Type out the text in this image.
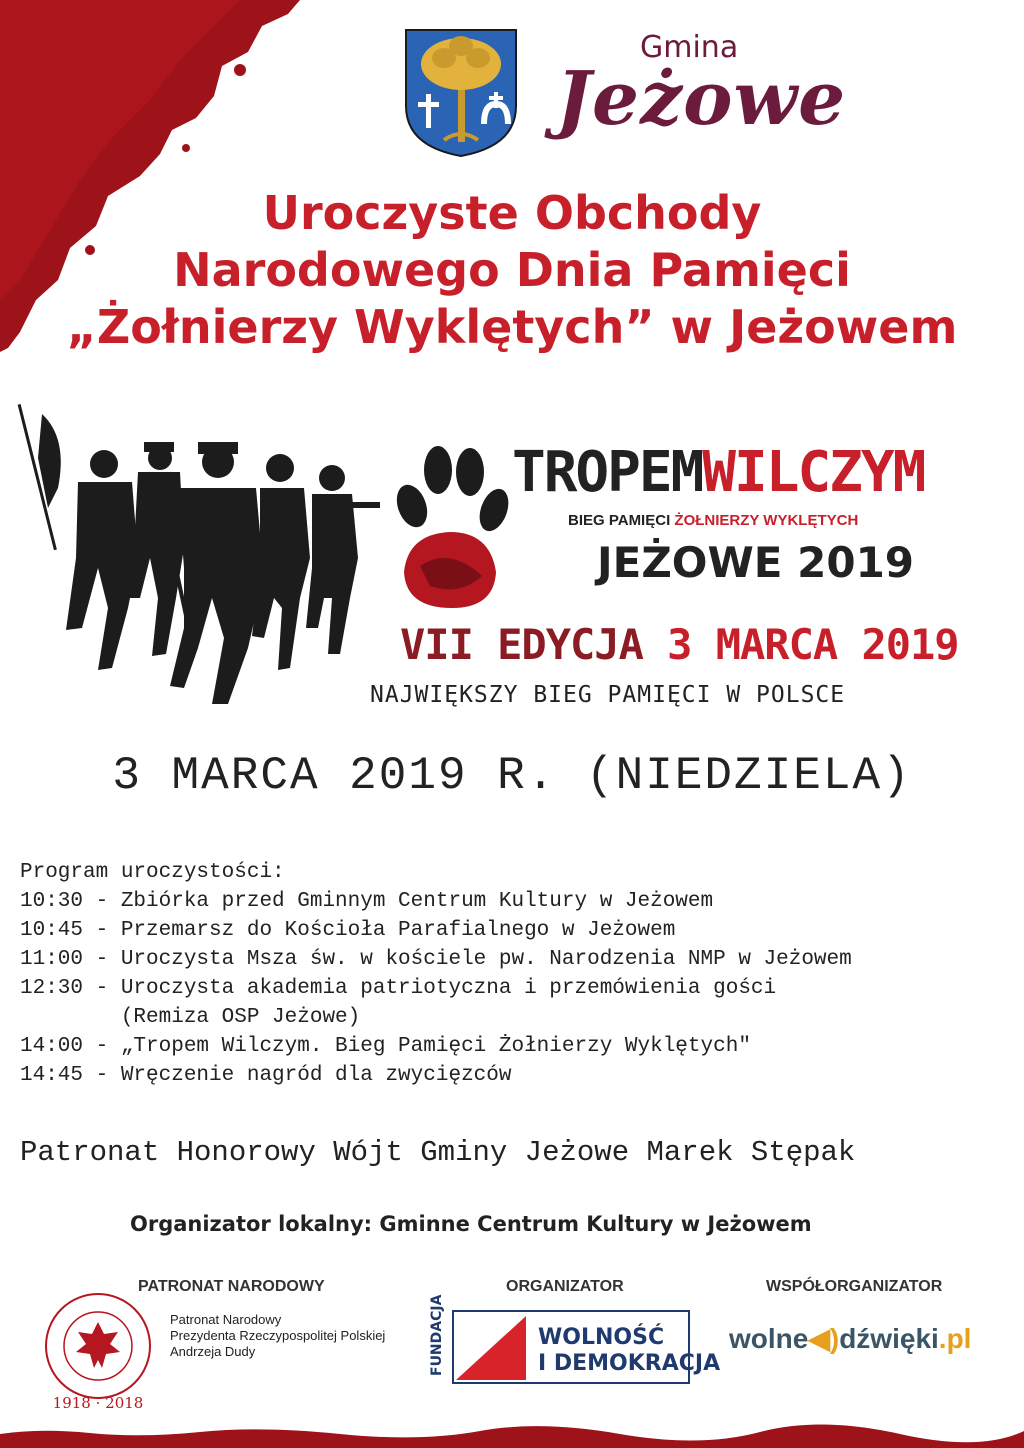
Gmina
Jeżowe
Uroczyste Obchody
Narodowego Dnia Pamięci
„Żołnierzy Wyklętych” w Jeżowem
TROPEMWILCZYM
BIEG PAMIĘCI ŻOŁNIERZY WYKLĘTYCH
JEŻOWE 2019
VII EDYCJA 3 MARCA 2019
NAJWIĘKSZY BIEG PAMIĘCI W POLSCE
3 MARCA 2019 R. (NIEDZIELA)
Program uroczystości:
10:30 - Zbiórka przed Gminnym Centrum Kultury w Jeżowem
10:45 - Przemarsz do Kościoła Parafialnego w Jeżowem
11:00 - Uroczysta Msza św. w kościele pw. Narodzenia NMP w Jeżowem
12:30 - Uroczysta akademia patriotyczna i przemówienia gości
(Remiza OSP Jeżowe)
14:00 - „Tropem Wilczym. Bieg Pamięci Żołnierzy Wyklętych"
14:45 - Wręczenie nagród dla zwycięzców
Patronat Honorowy Wójt Gminy Jeżowe Marek Stępak
Organizator lokalny: Gminne Centrum Kultury w Jeżowem
PATRONAT NARODOWY
1918 · 2018
Patronat Narodowy
Prezydenta Rzeczypospolitej Polskiej
Andrzeja Dudy
ORGANIZATOR
FUNDACJA	WOLNOŚĆ
I DEMOKRACJA
WSPÓŁORGANIZATOR
wolne◀)dźwięki.pl
